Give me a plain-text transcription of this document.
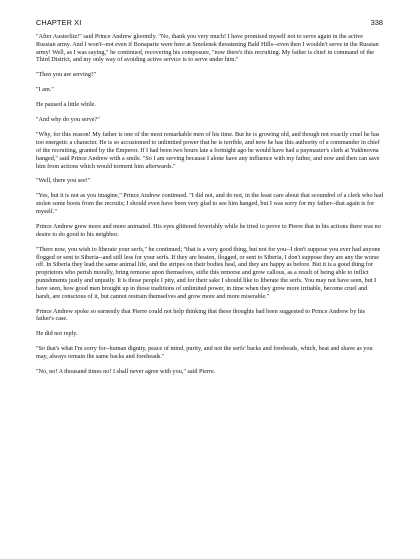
CHAPTER XI	338

"After Austerlitz!" said Prince Andrew gloomily. "No, thank you very much! I have promised myself not to serve again in the active Russian army. And I won't--not even if Bonaparte were here at Smolensk threatening Bald Hills--even then I wouldn't serve in the Russian army! Well, as I was saying," he continued, recovering his composure, "now there's this recruiting. My father is chief in command of the Third District, and my only way of avoiding active service is to serve under him."

"Then you are serving?"

"I am."

He paused a little while.

"And why do you serve?"

"Why, for this reason! My father is one of the most remarkable men of his time. But he is growing old, and though not exactly cruel he has too energetic a character. He is so accustomed to unlimited power that he is terrible, and now he has this authority of a commander in chief of the recruiting, granted by the Emperor. If I had been two hours late a fortnight ago he would have had a paymaster's clerk at Yukhnovna hanged," said Prince Andrew with a smile. "So I am serving because I alone have any influence with my father, and now and then can save him from actions which would torment him afterwards."

"Well, there you see!"

"Yes, but it is not as you imagine," Prince Andrew continued. "I did not, and do not, in the least care about that scoundrel of a clerk who had stolen some boots from the recruits; I should even have been very glad to see him hanged, but I was sorry for my father--that again is for myself."

Prince Andrew grew more and more animated. His eyes glittered feverishly while he tried to prove to Pierre that in his actions there was no desire to do good to his neighbor.

"There now, you wish to liberate your serfs," he continued; "that is a very good thing, but not for you--I don't suppose you ever had anyone flogged or sent to Siberia--and still less for your serfs. If they are beaten, flogged, or sent to Siberia, I don't suppose they are any the worse off. In Siberia they lead the same animal life, and the stripes on their bodies heal, and they are happy as before. But it is a good thing for proprietors who perish morally, bring remorse upon themselves, stifle this remorse and grow callous, as a result of being able to inflict punishments justly and unjustly. It is those people I pity, and for their sake I should like to liberate the serfs. You may not have seen, but I have seen, how good men brought up in those traditions of unlimited power, in time when they grow more irritable, become cruel and harsh, are conscious of it, but cannot restrain themselves and grow more and more miserable."

Prince Andrew spoke so earnestly that Pierre could not help thinking that these thoughts had been suggested to Prince Andrew by his father's case.

He did not reply.

"So that's what I'm sorry for--human dignity, peace of mind, purity, and not the serfs' backs and foreheads, which, beat and shave as you may, always remain the same backs and foreheads."

"No, no! A thousand times no! I shall never agree with you," said Pierre.
